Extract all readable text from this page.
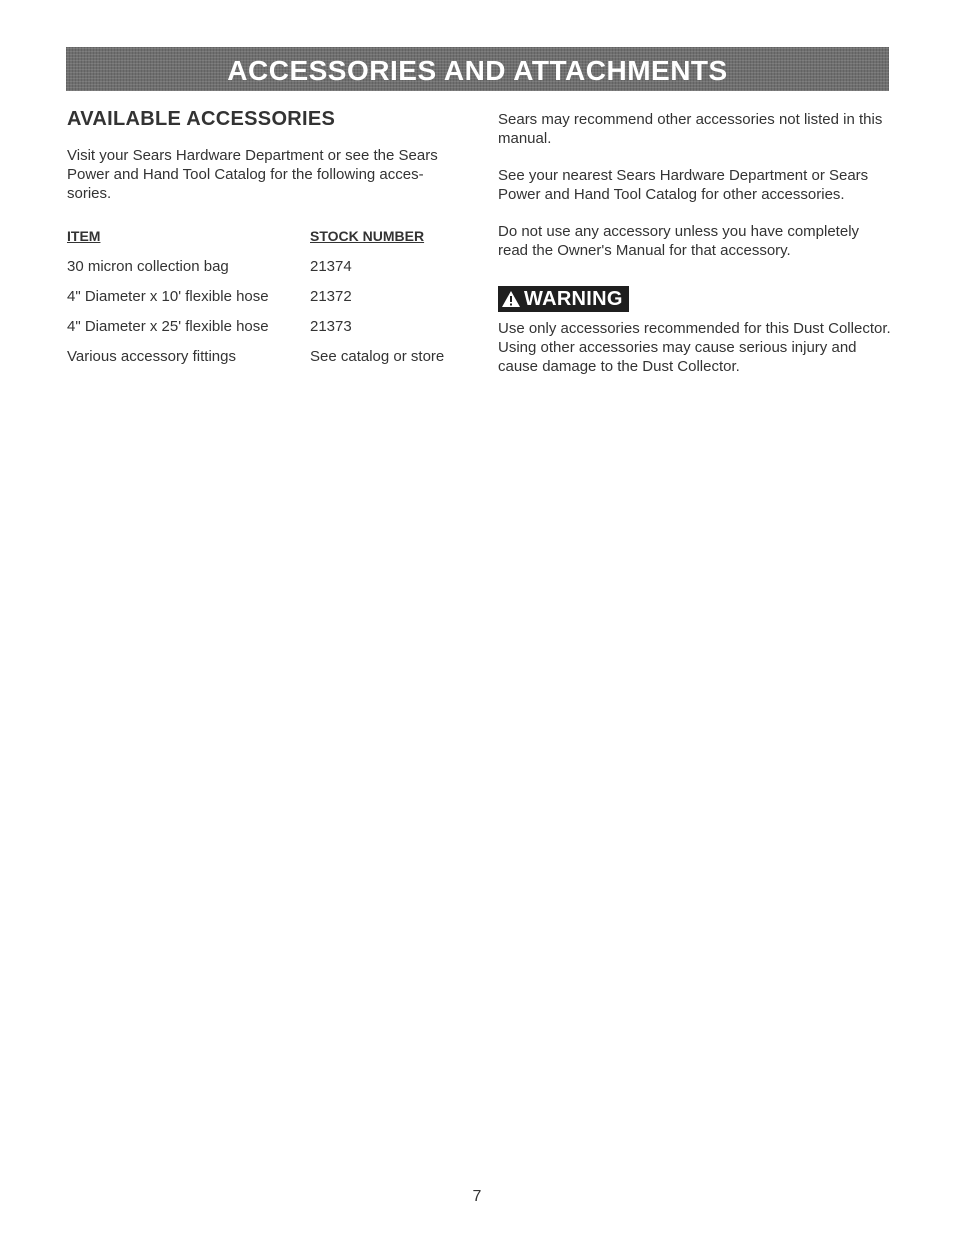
ACCESSORIES AND ATTACHMENTS
AVAILABLE ACCESSORIES

Visit your Sears Hardware Department or see the Sears Power and Hand Tool Catalog for the following acces-sories.

ITEM	STOCK NUMBER
30 micron collection bag	21374
4" Diameter x 10' flexible hose	21372
4" Diameter x 25' flexible hose	21373
Various accessory fittings	See catalog or store

Sears may recommend other accessories not listed in this manual.

See your nearest Sears Hardware Department or Sears Power and Hand Tool Catalog for other accessories.

Do not use any accessory unless you have completely read the Owner's Manual for that accessory.

WARNING

Use only accessories recommended for this Dust Collector. Using other accessories may cause serious injury and cause damage to the Dust Collector.

7
